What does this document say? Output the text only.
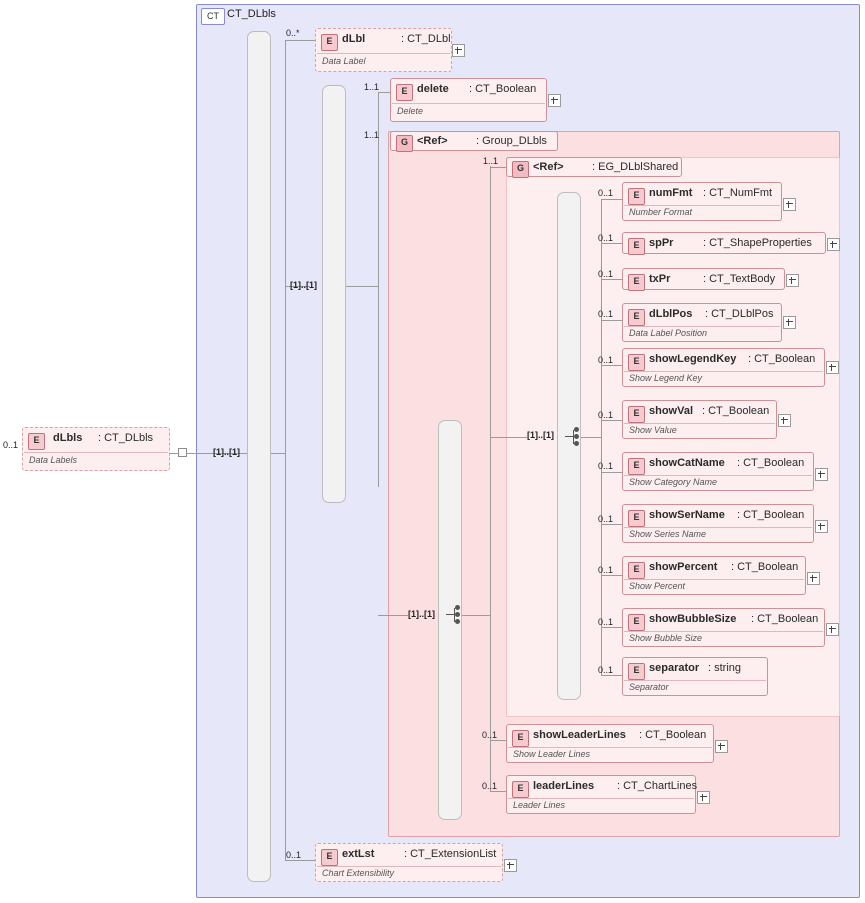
CT CT_DLbls
0..1	E	dLbls : CT_DLbls
Data Labels
[1]..[1]
0..*
E dLbl	: CT_DLbl
Data Label
[1]..[1]
1..1	E delete : CT_Boolean
Delete
1..1
G <Ref>	: Group_DLbls
[1]..[1]
1..1
G <Ref>	: EG_DLblShared
[1]..[1]
0..1	E numFmt : CT_NumFmt
Number Format
0..1
E spPr	: CT_ShapeProperties
0..1
E txPr	: CT_TextBody
0..1	E dLblPos : CT_DLblPos
Data Label Position
0..1	E showLegendKey : CT_Boolean
Show Legend Key
0..1	E showVal : CT_Boolean
Show Value
0..1	E showCatName : CT_Boolean
Show Category Name
0..1	E showSerName : CT_Boolean
Show Series Name
0..1	E showPercent : CT_Boolean
Show Percent
0..1	E showBubbleSize : CT_Boolean
Show Bubble Size
0..1	E separator : string
Separator
0..1	E showLeaderLines : CT_Boolean
Show Leader Lines
0..1	E leaderLines : CT_ChartLines
Leader Lines
0..1	E extLst	: CT_ExtensionList
Chart Extensibility
